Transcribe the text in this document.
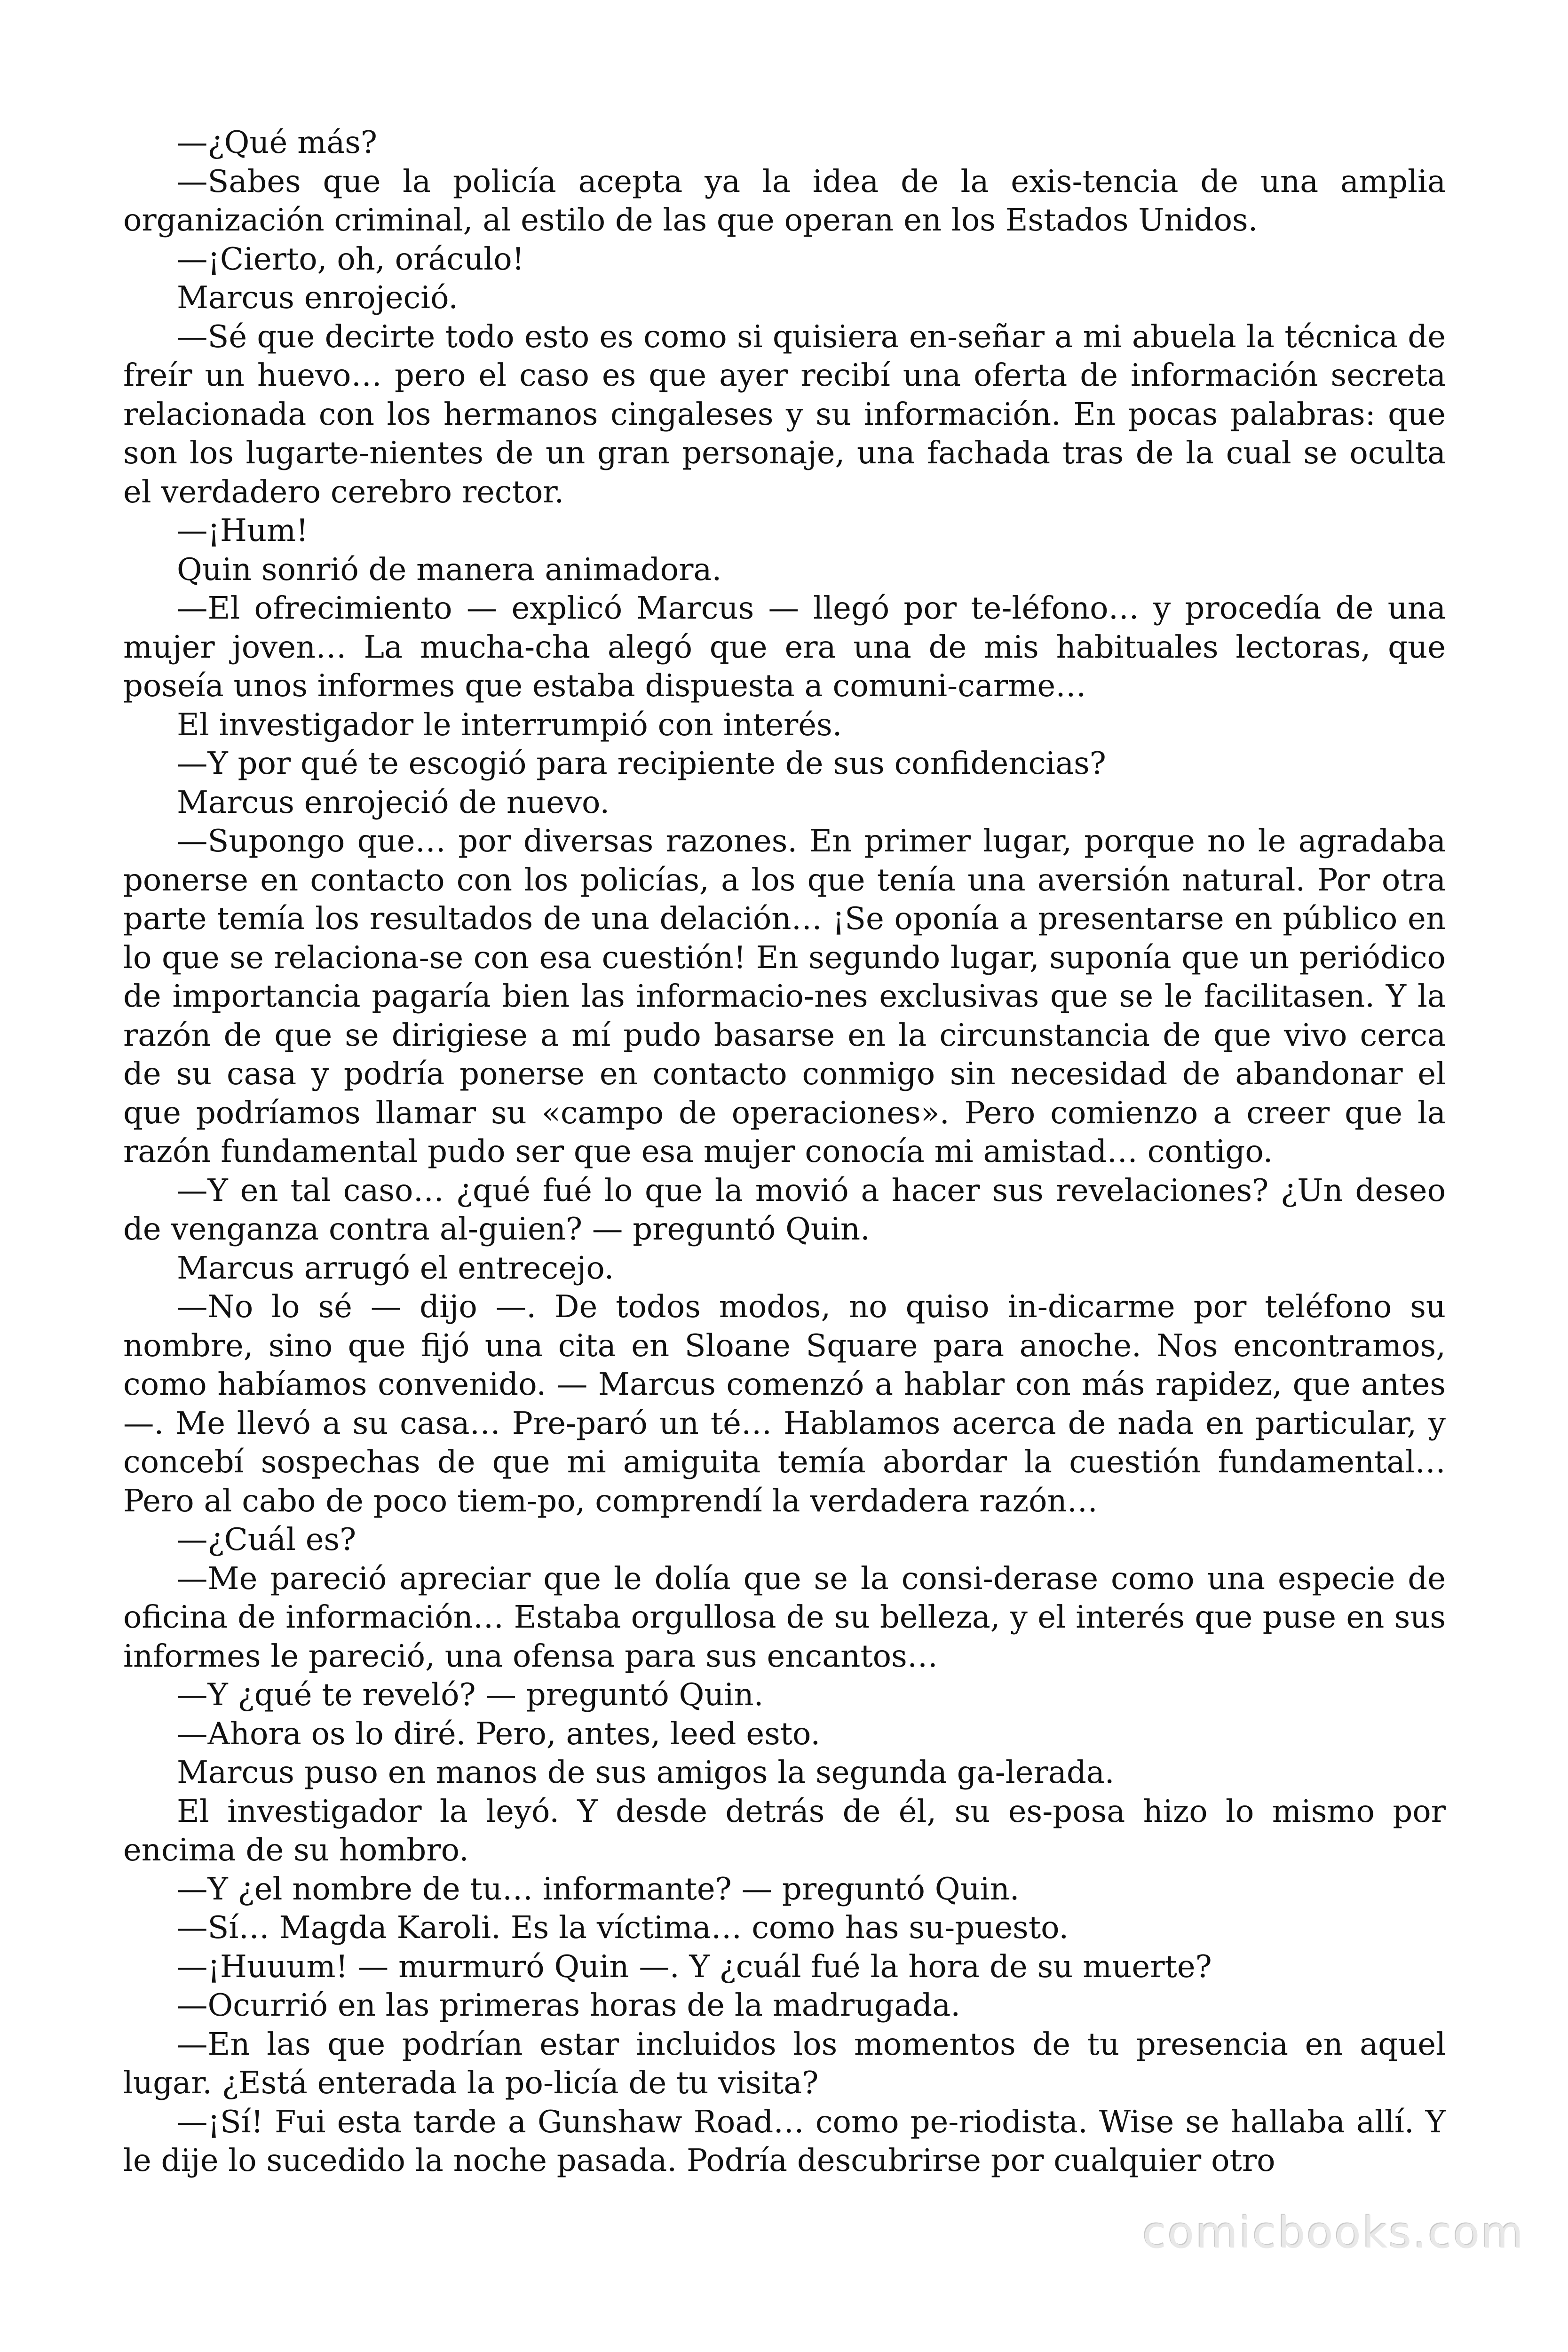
—¿Qué más?

—Sabes que la policía acepta ya la idea de la exis-tencia de una amplia organización criminal, al estilo de las que operan en los Estados Unidos.

—¡Cierto, oh, oráculo!

Marcus enrojeció.

—Sé que decirte todo esto es como si quisiera en-señar a mi abuela la técnica de freír un huevo… pero el caso es que ayer recibí una oferta de información secreta relacionada con los hermanos cingaleses y su información. En pocas palabras: que son los lugarte-nientes de un gran personaje, una fachada tras de la cual se oculta el verdadero cerebro rector.

—¡Hum!

Quin sonrió de manera animadora.

—El ofrecimiento — explicó Marcus — llegó por te-léfono… y procedía de una mujer joven… La mucha-cha alegó que era una de mis habituales lectoras, que poseía unos informes que estaba dispuesta a comuni-carme…

El investigador le interrumpió con interés.

—Y por qué te escogió para recipiente de sus confidencias?

Marcus enrojeció de nuevo.

—Supongo que… por diversas razones. En primer lugar, porque no le agradaba ponerse en contacto con los policías, a los que tenía una aversión natural. Por otra parte temía los resultados de una delación… ¡Se oponía a presentarse en público en lo que se relaciona-se con esa cuestión! En segundo lugar, suponía que un periódico de importancia pagaría bien las informacio-nes exclusivas que se le facilitasen. Y la razón de que se dirigiese a mí pudo basarse en la circunstancia de que vivo cerca de su casa y podría ponerse en contacto conmigo sin necesidad de abandonar el que podríamos llamar su «campo de operaciones». Pero comienzo a creer que la razón fundamental pudo ser que esa mujer conocía mi amistad… contigo.

—Y en tal caso… ¿qué fué lo que la movió a hacer sus revelaciones? ¿Un deseo de venganza contra al-guien? — preguntó Quin.

Marcus arrugó el entrecejo.

—No lo sé — dijo —. De todos modos, no quiso in-dicarme por teléfono su nombre, sino que fijó una cita en Sloane Square para anoche. Nos encontramos, como habíamos convenido. — Marcus comenzó a hablar con más rapidez, que antes —. Me llevó a su casa… Pre-paró un té… Hablamos acerca de nada en particular, y concebí sospechas de que mi amiguita temía abordar la cuestión fundamental… Pero al cabo de poco tiem-po, comprendí la verdadera razón…

—¿Cuál es?

—Me pareció apreciar que le dolía que se la consi-derase como una especie de oficina de información… Estaba orgullosa de su belleza, y el interés que puse en sus informes le pareció, una ofensa para sus encantos…

—Y ¿qué te reveló? — preguntó Quin.

—Ahora os lo diré. Pero, antes, leed esto.

Marcus puso en manos de sus amigos la segunda ga-lerada.

El investigador la leyó. Y desde detrás de él, su es-posa hizo lo mismo por encima de su hombro.

—Y ¿el nombre de tu… informante? — preguntó Quin.

—Sí… Magda Karoli. Es la víctima… como has su-puesto.

—¡Huuum! — murmuró Quin —. Y ¿cuál fué la hora de su muerte?

—Ocurrió en las primeras horas de la madrugada.

—En las que podrían estar incluidos los momentos de tu presencia en aquel lugar. ¿Está enterada la po-licía de tu visita?

—¡Sí! Fui esta tarde a Gunshaw Road… como pe-riodista. Wise se hallaba allí. Y le dije lo sucedido la noche pasada. Podría descubrirse por cualquier otro

comicbooks.com
